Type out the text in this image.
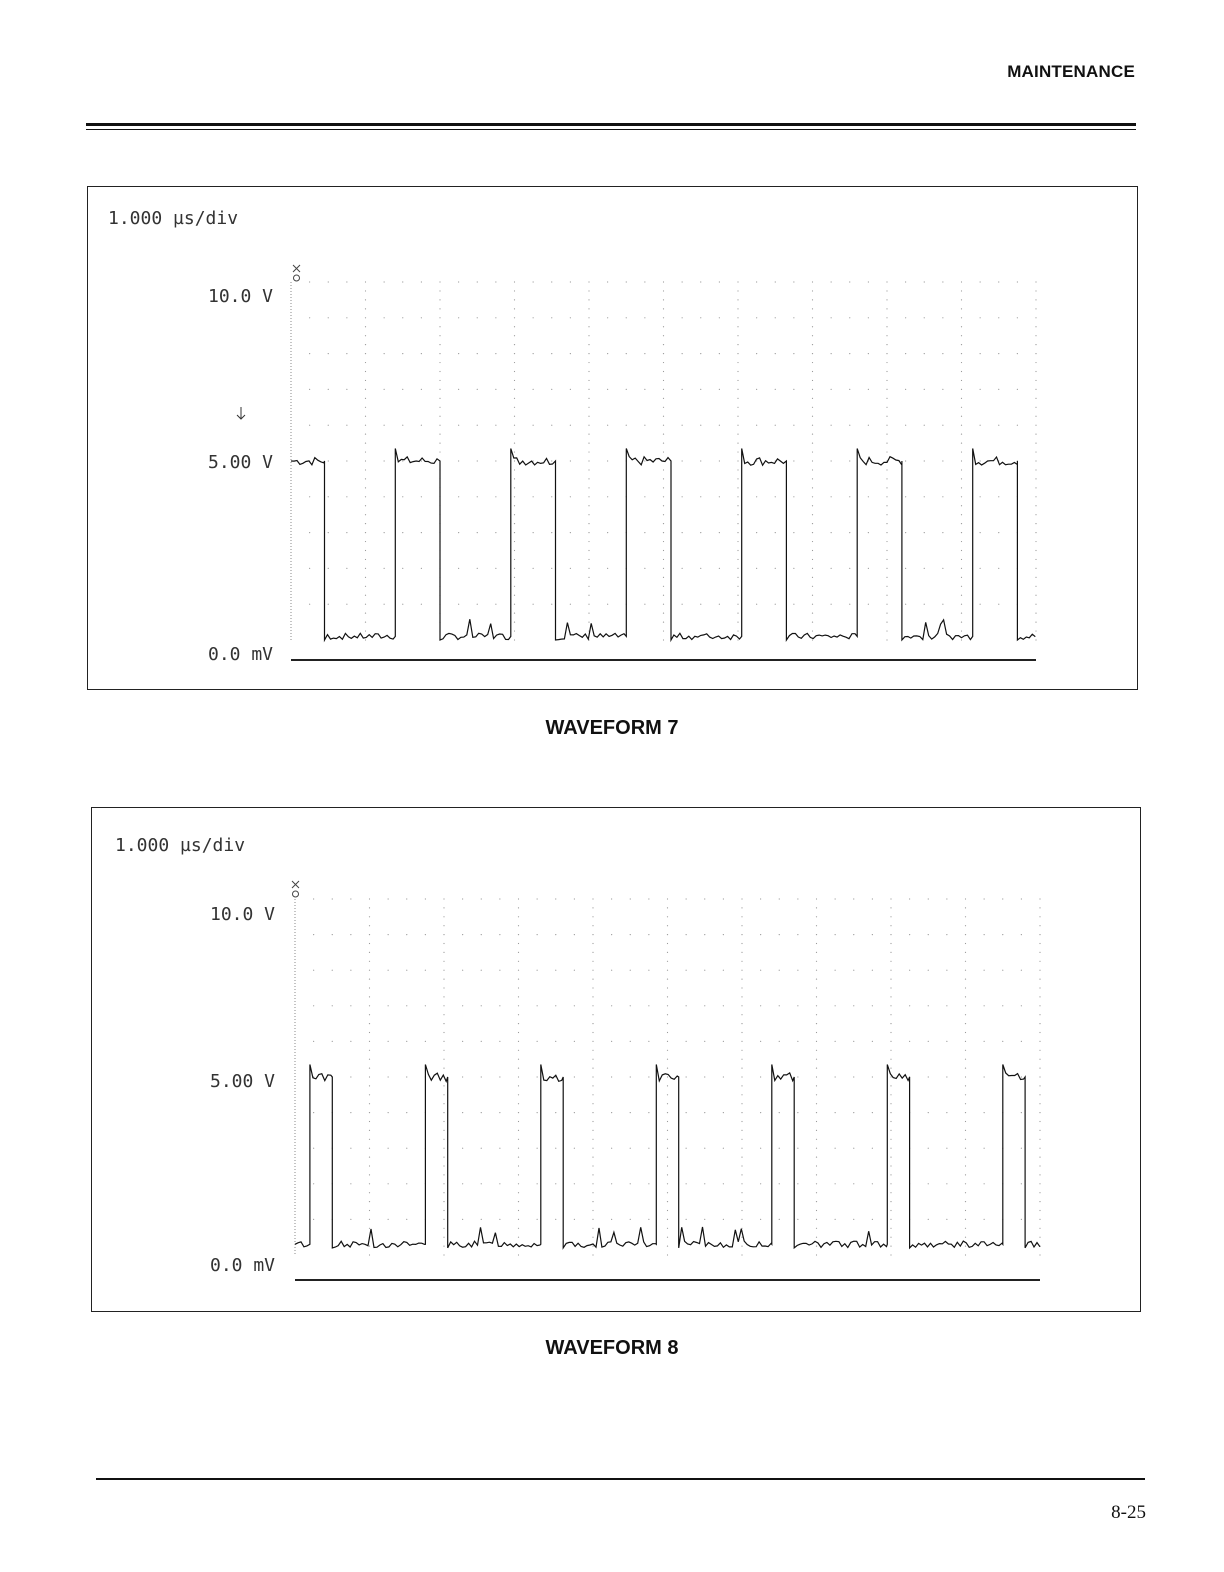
MAINTENANCE
1.000 µs/div
10.0 V
5.00 V
0.0 mV
WAVEFORM 7
1.000 µs/div
10.0 V
5.00 V
0.0 mV
WAVEFORM 8
8-25
